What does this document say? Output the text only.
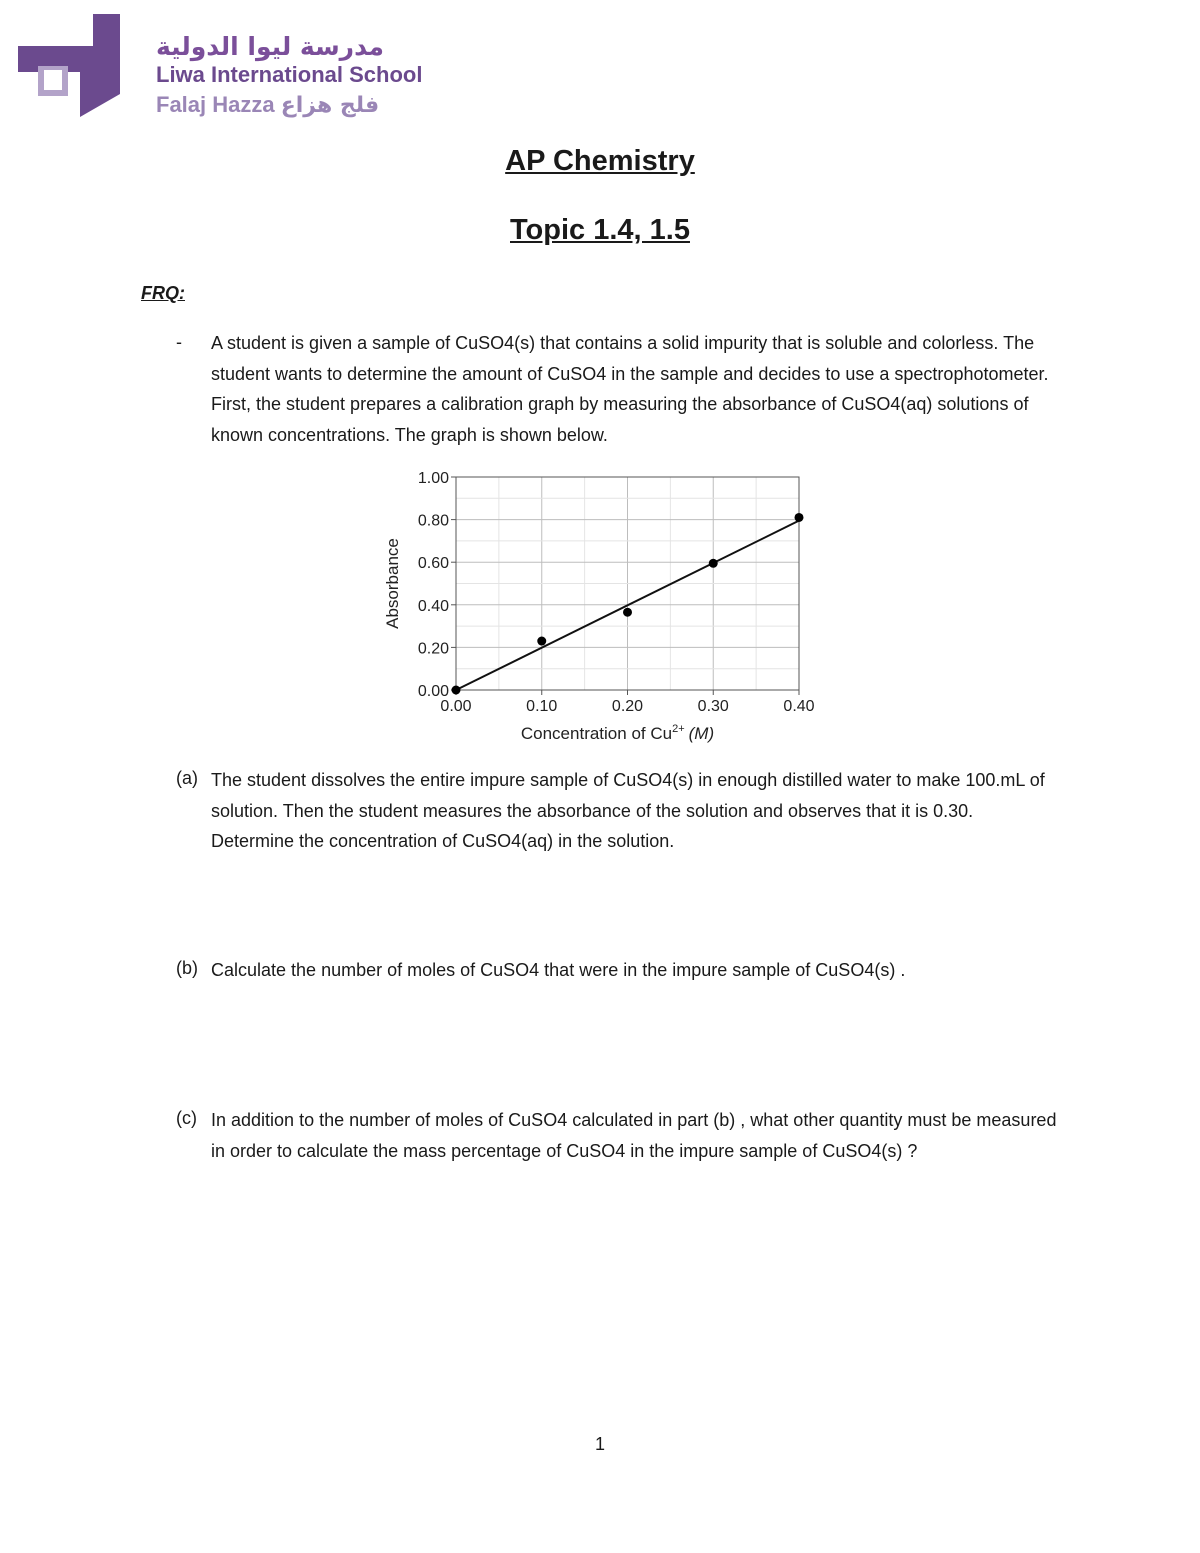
مدرسة ليوا الدولية
Liwa International School
Falaj Hazza فلج هزاع
AP Chemistry
Topic 1.4, 1.5
FRQ:
- A student is given a sample of CuSO4(s) that contains a solid impurity that is soluble and colorless. The student wants to determine the amount of CuSO4 in the sample and decides to use a spectrophotometer. First, the student prepares a calibration graph by measuring the absorbance of CuSO4(aq) solutions of known concentrations. The graph is shown below.
0.00
0.20
0.40
0.60
0.80
1.00
0.00	0.10	0.20	0.30	0.40
Absorbance
Concentration of $Cu^{2+}$ (M)
(a) The student dissolves the entire impure sample of CuSO4(s) in enough distilled water to make 100.mL of solution. Then the student measures the absorbance of the solution and observes that it is 0.30. Determine the concentration of CuSO4(aq) in the solution.
(b) Calculate the number of moles of CuSO4 that were in the impure sample of CuSO4(s) .
(c) In addition to the number of moles of CuSO4 calculated in part (b) , what other quantity must be measured in order to calculate the mass percentage of CuSO4 in the impure sample of CuSO4(s) ?
1
